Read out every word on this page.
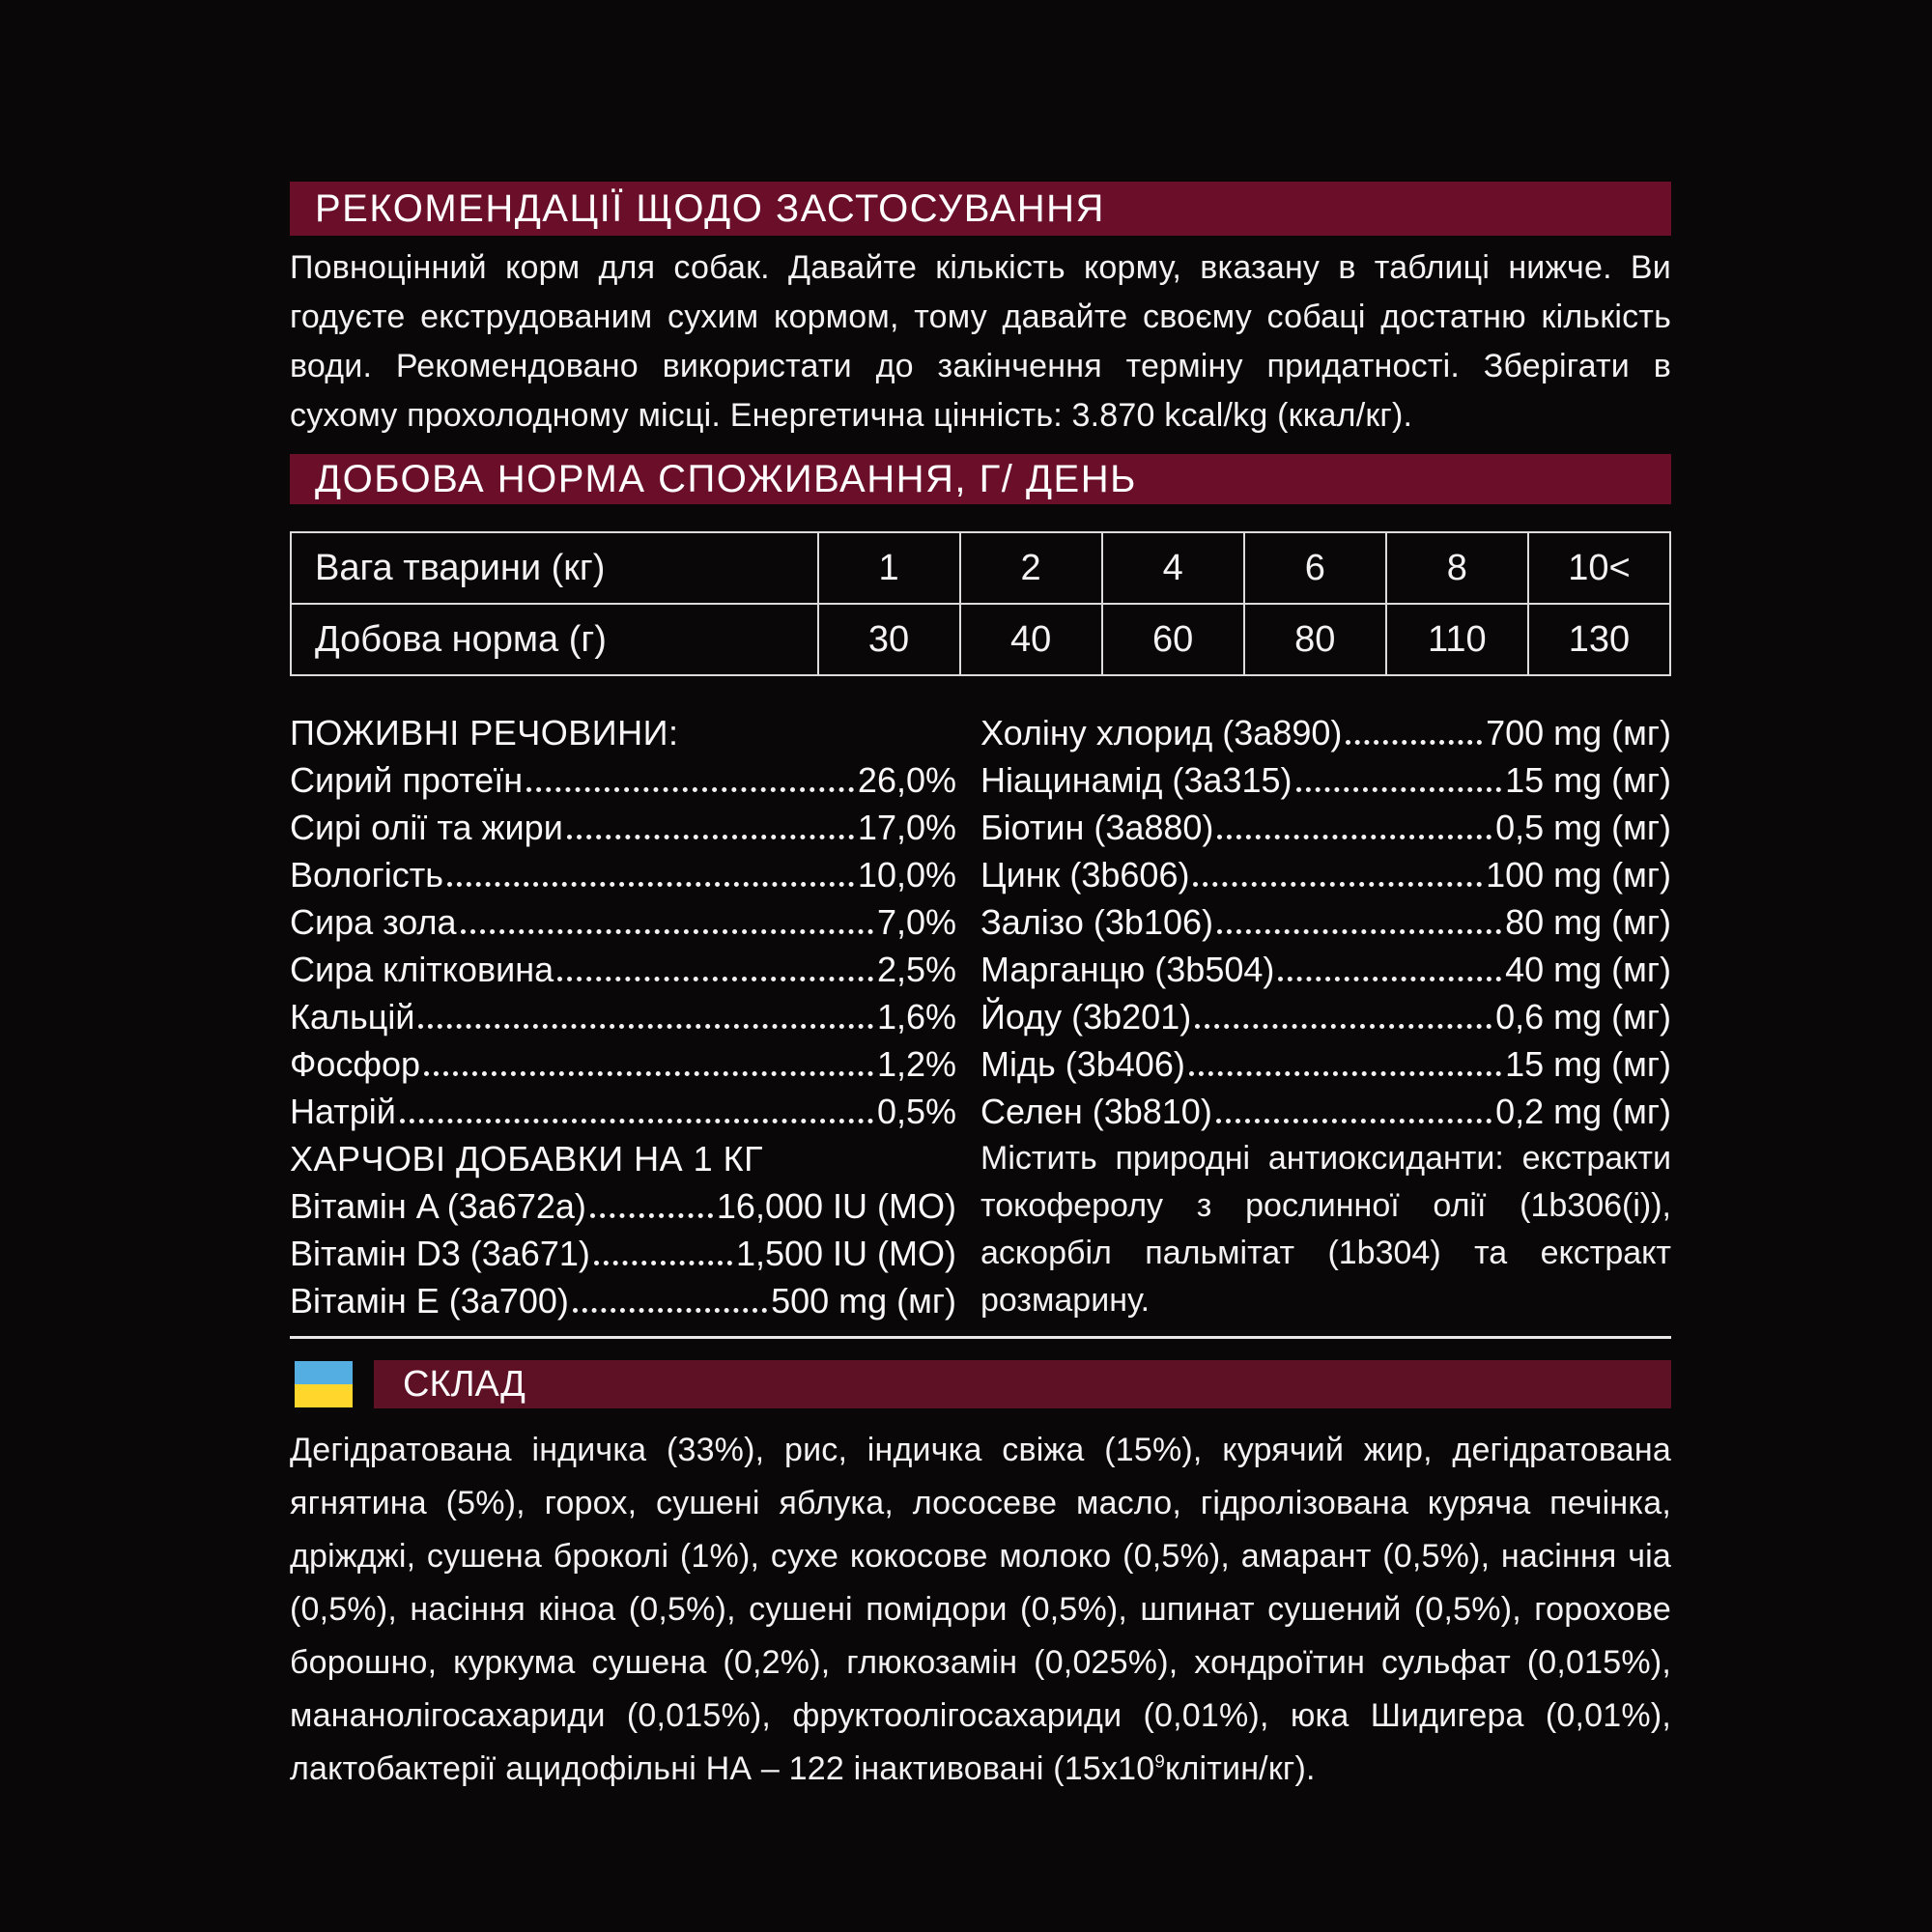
РЕКОМЕНДАЦІЇ ЩОДО ЗАСТОСУВАННЯ

Повноцінний корм для собак. Давайте кількість корму, вказану в таблиці нижче. Ви годуєте екструдованим сухим кормом, тому давайте своєму собаці достатню кількість води. Рекомендовано використати до закінчення терміну придатності. Зберігати в сухому прохолодному місці. Енергетична цінність: 3.870 kcal/kg (ккал/кг).

ДОБОВА НОРМА СПОЖИВАННЯ, Г/ ДЕНЬ
Вага тварини (кг)	1	2	4	6	8	10<
Добова норма (г)	30	40	60	80	110	130
ПОЖИВНІ РЕЧОВИНИ:
Сирий протеїн	26,0%
Сирі олії та жири	17,0%
Вологість	10,0%
Сира зола	7,0%
Сира клітковина	2,5%
Кальцій	1,6%
Фосфор	1,2%
Натрій	0,5%
ХАРЧОВІ ДОБАВКИ НА 1 КГ
Вітамін A (3а672а)	16,000 IU (МО)
Вітамін D3 (3а671)	1,500 IU (МО)
Вітамін E (3а700)	500 mg (мг)
Холіну хлорид (3а890)	700 mg (мг)
Ніацинамід (3а315)	15 mg (мг)
Біотин (3а880)	0,5 mg (мг)
Цинк (3b606)	100 mg (мг)
Залізо (3b106)	80 mg (мг)
Марганцю (3b504)	40 mg (мг)
Йоду (3b201)	0,6 mg (мг)
Мідь (3b406)	15 mg (мг)
Селен (3b810)	0,2 mg (мг)

Містить природні антиоксиданти: екстракти токоферолу з рослинної олії (1b306(i)), аскорбіл пальмітат (1b304) та екстракт розмарину.

СКЛАД

Дегідратована індичка (33%), рис, індичка свіжа (15%), курячий жир, дегідратована ягнятина (5%), горох, сушені яблука, лососеве масло, гідролізована куряча печінка, дріжджі, сушена броколі (1%), сухе кокосове молоко (0,5%), амарант (0,5%), насіння чіа (0,5%), насіння кіноа (0,5%), сушені помідори (0,5%), шпинат сушений (0,5%), горохове борошно, куркума сушена (0,2%), глюкозамін (0,025%), хондроїтин сульфат (0,015%), мананолігосахариди (0,015%), фруктоолігосахариди (0,01%), юка Шидигера (0,01%), лактобактерії ацидофільні НА – 122 інактивовані $(15х10^9клітин/кг)$.
